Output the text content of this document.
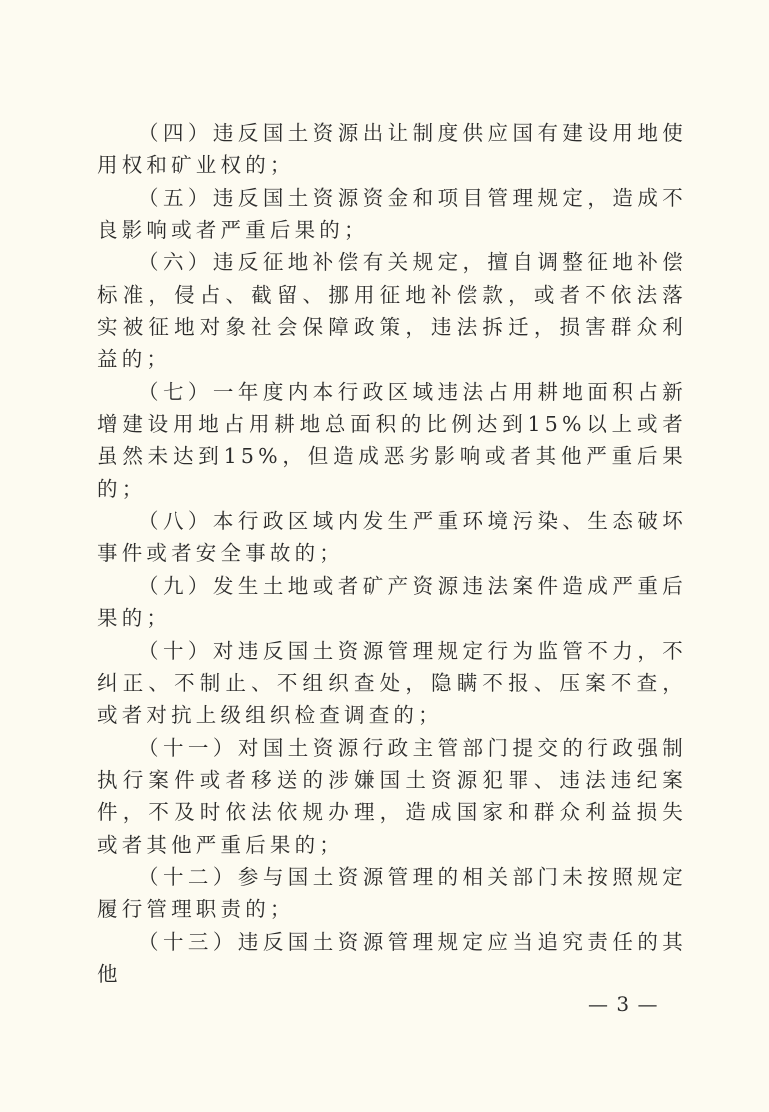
（四）违反国土资源出让制度供应国有建设用地使用权和矿业权的；

（五）违反国土资源资金和项目管理规定，造成不良影响或者严重后果的；

（六）违反征地补偿有关规定，擅自调整征地补偿标准，侵占、截留、挪用征地补偿款，或者不依法落实被征地对象社会保障政策，违法拆迁，损害群众利益的；

（七）一年度内本行政区域违法占用耕地面积占新增建设用地占用耕地总面积的比例达到15%以上或者虽然未达到15%，但造成恶劣影响或者其他严重后果的；

（八）本行政区域内发生严重环境污染、生态破坏事件或者安全事故的；

（九）发生土地或者矿产资源违法案件造成严重后果的；

（十）对违反国土资源管理规定行为监管不力，不纠正、不制止、不组织查处，隐瞒不报、压案不查，或者对抗上级组织检查调查的；

（十一）对国土资源行政主管部门提交的行政强制执行案件或者移送的涉嫌国土资源犯罪、违法违纪案件，不及时依法依规办理，造成国家和群众利益损失或者其他严重后果的；

（十二）参与国土资源管理的相关部门未按照规定履行管理职责的；

（十三）违反国土资源管理规定应当追究责任的其他

— 3 —
